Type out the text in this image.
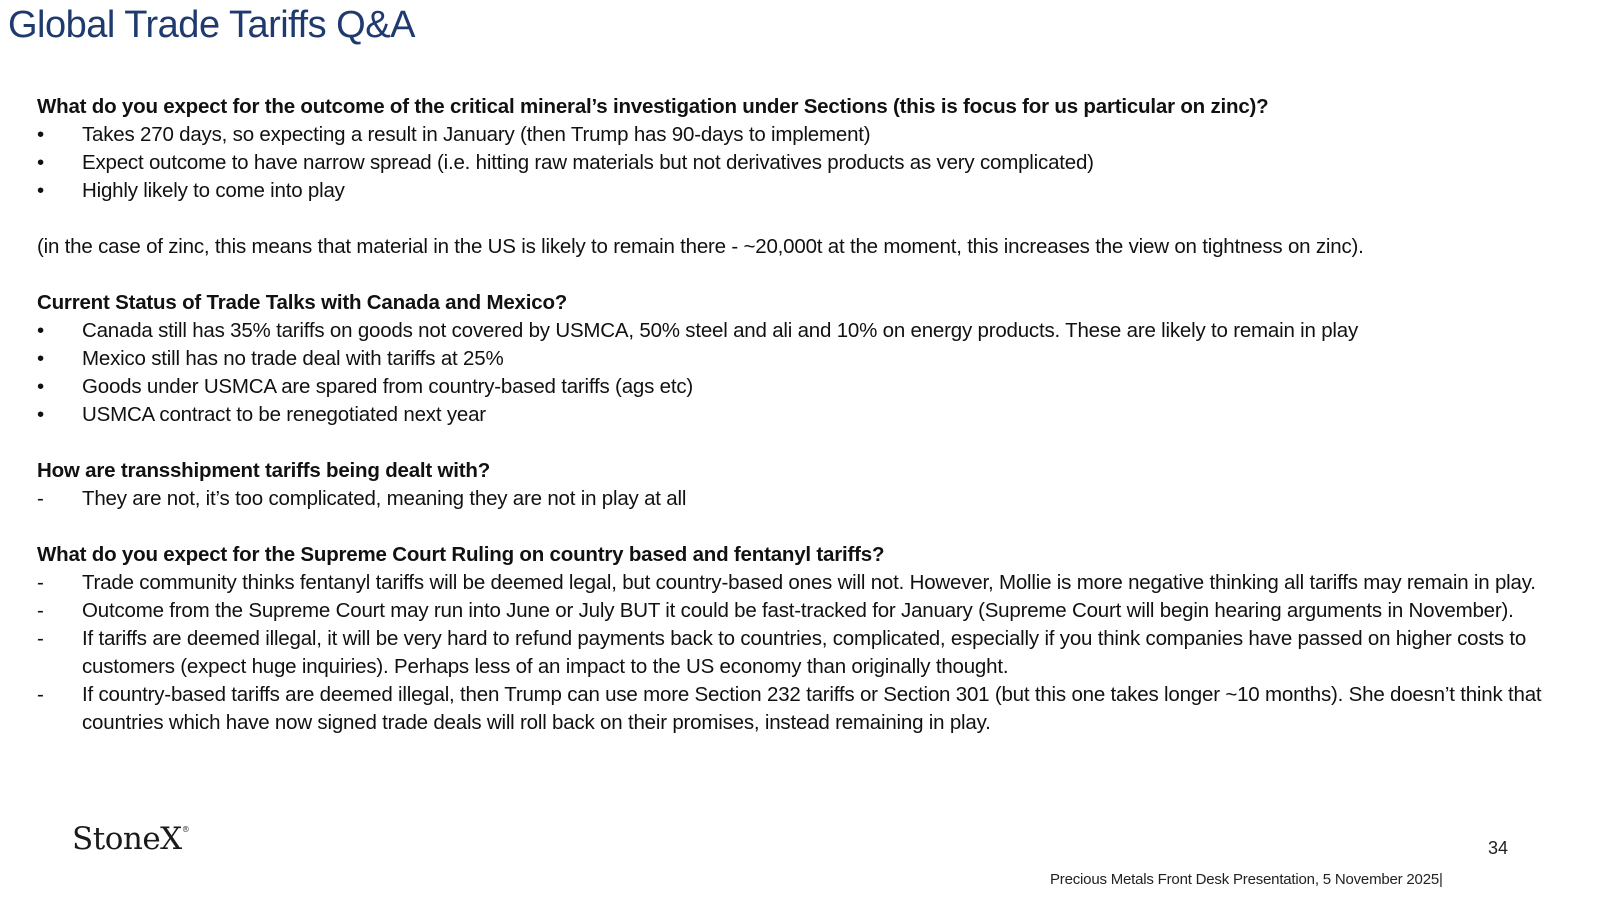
Global Trade Tariffs Q&A
What do you expect for the outcome of the critical mineral’s investigation under Sections (this is focus for us particular on zinc)?
•	Takes 270 days, so expecting a result in January (then Trump has 90-days to implement)
•	Expect outcome to have narrow spread (i.e. hitting raw materials but not derivatives products as very complicated)
•	Highly likely to come into play
(in the case of zinc, this means that material in the US is likely to remain there - ~20,000t at the moment, this increases the view on tightness on zinc).
Current Status of Trade Talks with Canada and Mexico?
•	Canada still has 35% tariffs on goods not covered by USMCA, 50% steel and ali and 10% on energy products. These are likely to remain in play
•	Mexico still has no trade deal with tariffs at 25%
•	Goods under USMCA are spared from country-based tariffs (ags etc)
•	USMCA contract to be renegotiated next year
How are transshipment tariffs being dealt with?
-	They are not, it’s too complicated, meaning they are not in play at all
What do you expect for the Supreme Court Ruling on country based and fentanyl tariffs?
-	Trade community thinks fentanyl tariffs will be deemed legal, but country-based ones will not. However, Mollie is more negative thinking all tariffs may remain in play.
-	Outcome from the Supreme Court may run into June or July BUT it could be fast-tracked for January (Supreme Court will begin hearing arguments in November).
-	If tariffs are deemed illegal, it will be very hard to refund payments back to countries, complicated, especially if you think companies have passed on higher costs to customers (expect huge inquiries). Perhaps less of an impact to the US economy than originally thought.
-	If country-based tariffs are deemed illegal, then Trump can use more Section 232 tariffs or Section 301 (but this one takes longer ~10 months). She doesn’t think that countries which have now signed trade deals will roll back on their promises, instead remaining in play.
StoneX®
34
Precious Metals Front Desk Presentation, 5 November 2025|
